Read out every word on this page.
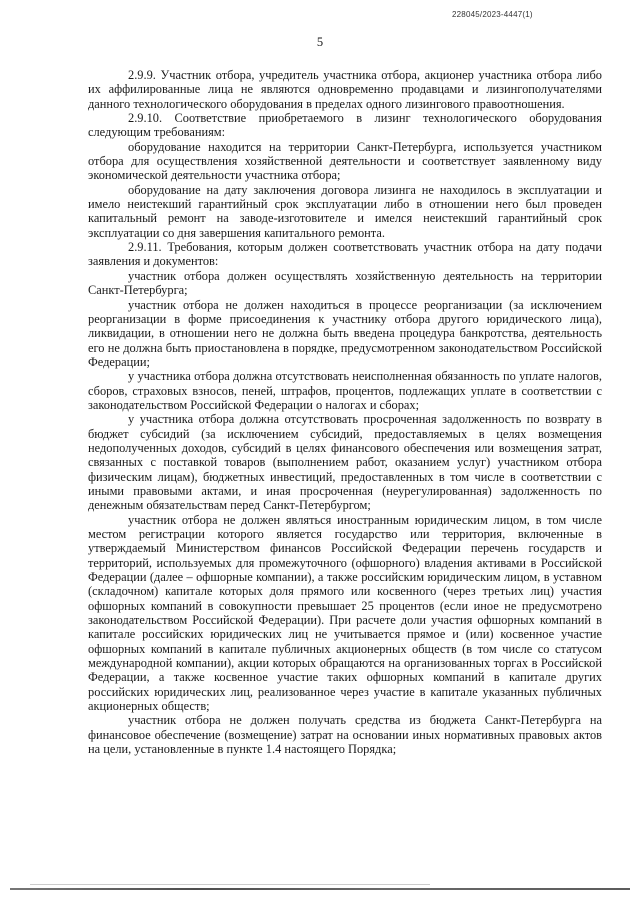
228045/2023-4447(1)
5

2.9.9. Участник отбора, учредитель участника отбора, акционер участника отбора либо их аффилированные лица не являются одновременно продавцами и лизингополучателями данного технологического оборудования в пределах одного лизингового правоотношения.

2.9.10. Соответствие приобретаемого в лизинг технологического оборудования следующим требованиям:

оборудование находится на территории Санкт-Петербурга, используется участником отбора для осуществления хозяйственной деятельности и соответствует заявленному виду экономической деятельности участника отбора;

оборудование на дату заключения договора лизинга не находилось в эксплуатации и имело неистекший гарантийный срок эксплуатации либо в отношении него был проведен капитальный ремонт на заводе-изготовителе и имелся неистекший гарантийный срок эксплуатации со дня завершения капитального ремонта.

2.9.11. Требования, которым должен соответствовать участник отбора на дату подачи заявления и документов:

участник отбора должен осуществлять хозяйственную деятельность на территории Санкт-Петербурга;

участник отбора не должен находиться в процессе реорганизации (за исключением реорганизации в форме присоединения к участнику отбора другого юридического лица), ликвидации, в отношении него не должна быть введена процедура банкротства, деятельность его не должна быть приостановлена в порядке, предусмотренном законодательством Российской Федерации;

у участника отбора должна отсутствовать неисполненная обязанность по уплате налогов, сборов, страховых взносов, пеней, штрафов, процентов, подлежащих уплате в соответствии с законодательством Российской Федерации о налогах и сборах;

у участника отбора должна отсутствовать просроченная задолженность по возврату в бюджет субсидий (за исключением субсидий, предоставляемых в целях возмещения недополученных доходов, субсидий в целях финансового обеспечения или возмещения затрат, связанных с поставкой товаров (выполнением работ, оказанием услуг) участником отбора физическим лицам), бюджетных инвестиций, предоставленных в том числе в соответствии с иными правовыми актами, и иная просроченная (неурегулированная) задолженность по денежным обязательствам перед Санкт-Петербургом;

участник отбора не должен являться иностранным юридическим лицом, в том числе местом регистрации которого является государство или территория, включенные в утверждаемый Министерством финансов Российской Федерации перечень государств и территорий, используемых для промежуточного (офшорного) владения активами в Российской Федерации (далее – офшорные компании), а также российским юридическим лицом, в уставном (складочном) капитале которых доля прямого или косвенного (через третьих лиц) участия офшорных компаний в совокупности превышает 25 процентов (если иное не предусмотрено законодательством Российской Федерации). При расчете доли участия офшорных компаний в капитале российских юридических лиц не учитывается прямое и (или) косвенное участие офшорных компаний в капитале публичных акционерных обществ (в том числе со статусом международной компании), акции которых обращаются на организованных торгах в Российской Федерации, а также косвенное участие таких офшорных компаний в капитале других российских юридических лиц, реализованное через участие в капитале указанных публичных акционерных обществ;

участник отбора не должен получать средства из бюджета Санкт-Петербурга на финансовое обеспечение (возмещение) затрат на основании иных нормативных правовых актов на цели, установленные в пункте 1.4 настоящего Порядка;
